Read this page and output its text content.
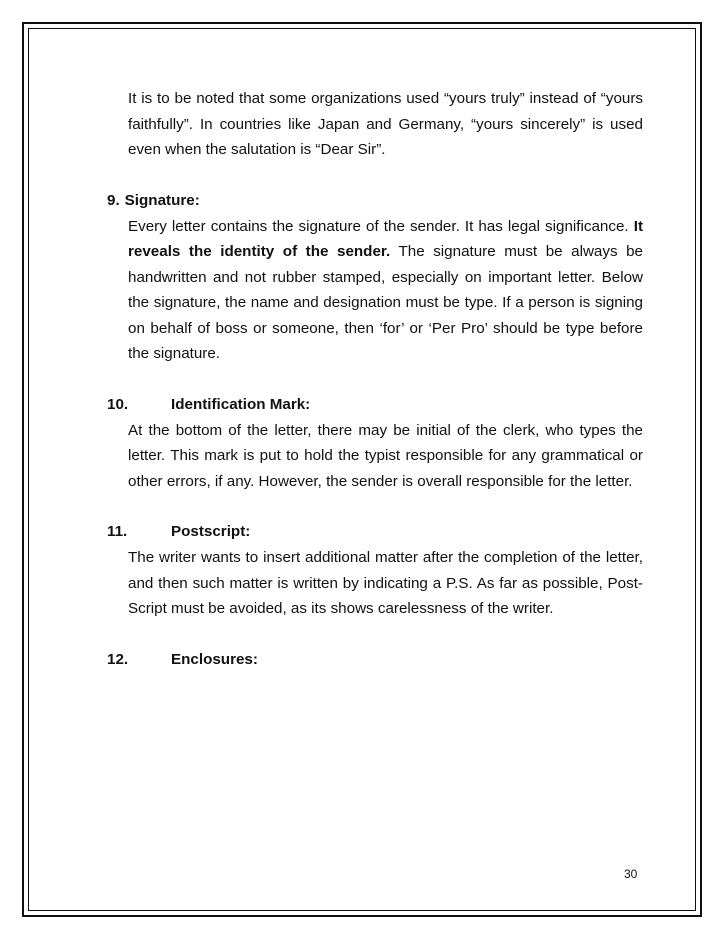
It is to be noted that some organizations used “yours truly” instead of “yours faithfully”. In countries like Japan and Germany, “yours sincerely” is used even when the salutation is “Dear Sir”.

9. Signature:

Every letter contains the signature of the sender. It has legal significance. It reveals the identity of the sender. The signature must be always be handwritten and not rubber stamped, especially on important letter. Below the signature, the name and designation must be type. If a person is signing on behalf of boss or someone, then ‘for’ or ‘Per Pro’ should be type before the signature.

10.	Identification Mark:

At the bottom of the letter, there may be initial of the clerk, who types the letter. This mark is put to hold the typist responsible for any grammatical or other errors, if any. However, the sender is overall responsible for the letter.

11.	Postscript:

The writer wants to insert additional matter after the completion of the letter, and then such matter is written by indicating a P.S. As far as possible, Post-Script must be avoided, as its shows carelessness of the writer.

12.	Enclosures:
30
